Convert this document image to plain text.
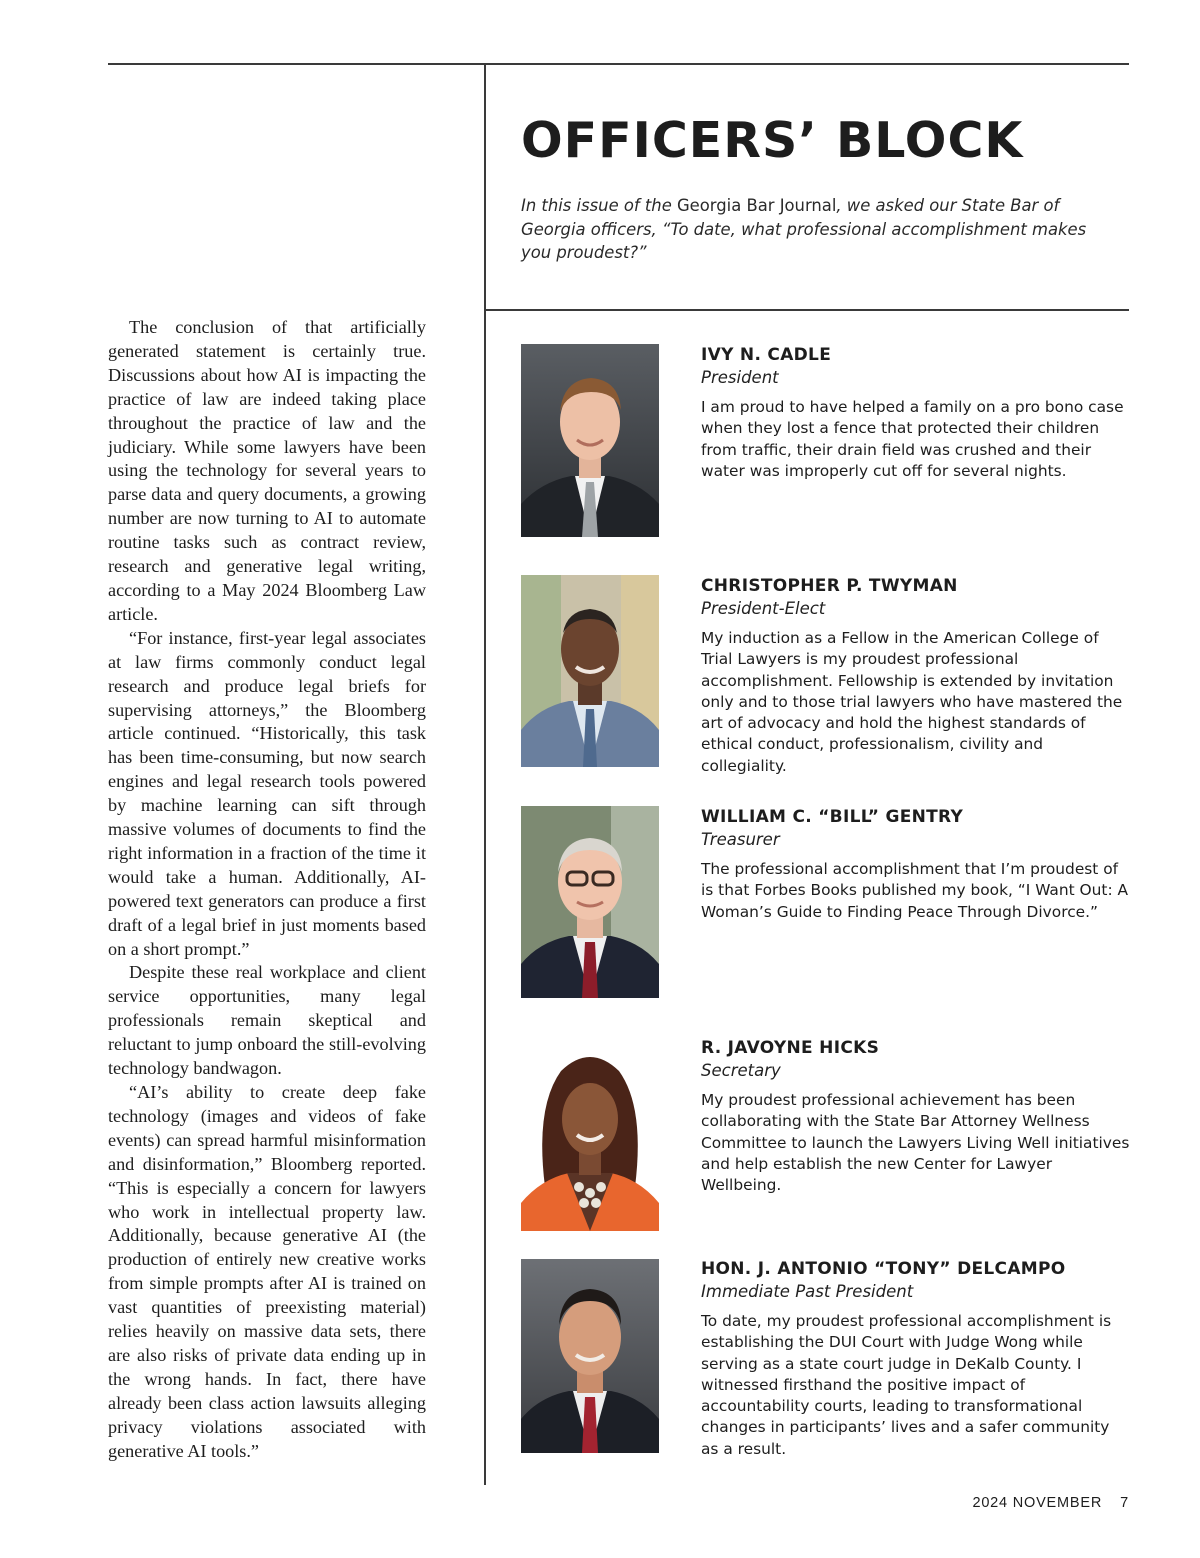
The conclusion of that artificially generated statement is certainly true. Discussions about how AI is impacting the practice of law are indeed taking place throughout the practice of law and the judiciary. While some lawyers have been using the technology for several years to parse data and query documents, a growing number are now turning to AI to automate routine tasks such as contract review, research and generative legal writing, according to a May 2024 Bloomberg Law article.

“For instance, first-year legal associates at law firms commonly conduct legal research and produce legal briefs for supervising attorneys,” the Bloomberg article continued. “Historically, this task has been time-consuming, but now search engines and legal research tools powered by machine learning can sift through massive volumes of documents to find the right information in a fraction of the time it would take a human. Additionally, AI-powered text generators can produce a first draft of a legal brief in just moments based on a short prompt.”

Despite these real workplace and client service opportunities, many legal professionals remain skeptical and reluctant to jump onboard the still-evolving technology bandwagon.

“AI’s ability to create deep fake technology (images and videos of fake events) can spread harmful misinformation and disinformation,” Bloomberg reported. “This is especially a concern for lawyers who work in intellectual property law. Additionally, because generative AI (the production of entirely new creative works from simple prompts after AI is trained on vast quantities of preexisting material) relies heavily on massive data sets, there are also risks of private data ending up in the wrong hands. In fact, there have already been class action lawsuits alleging privacy violations associated with generative AI tools.”

OFFICERS’ BLOCK
In this issue of the Georgia Bar Journal, we asked our State Bar of Georgia officers, “To date, what professional accomplishment makes you proudest?”
IVY N. CADLE
President
I am proud to have helped a family on a pro bono case when they lost a fence that protected their children from traffic, their drain field was crushed and their water was improperly cut off for several nights.
CHRISTOPHER P. TWYMAN
President-Elect
My induction as a Fellow in the American College of Trial Lawyers is my proudest professional accomplishment. Fellowship is extended by invitation only and to those trial lawyers who have mastered the art of advocacy and hold the highest standards of ethical conduct, professionalism, civility and collegiality.
WILLIAM C. “BILL” GENTRY
Treasurer
The professional accomplishment that I’m proudest of is that Forbes Books published my book, “I Want Out: A Woman’s Guide to Finding Peace Through Divorce.”
R. JAVOYNE HICKS
Secretary
My proudest professional achievement has been collaborating with the State Bar Attorney Wellness Committee to launch the Lawyers Living Well initiatives and help establish the new Center for Lawyer Wellbeing.
HON. J. ANTONIO “TONY” DELCAMPO
Immediate Past President
To date, my proudest professional accomplishment is establishing the DUI Court with Judge Wong while serving as a state court judge in DeKalb County. I witnessed firsthand the positive impact of accountability courts, leading to transformational changes in participants’ lives and a safer community as a result.
2024 NOVEMBER 7
